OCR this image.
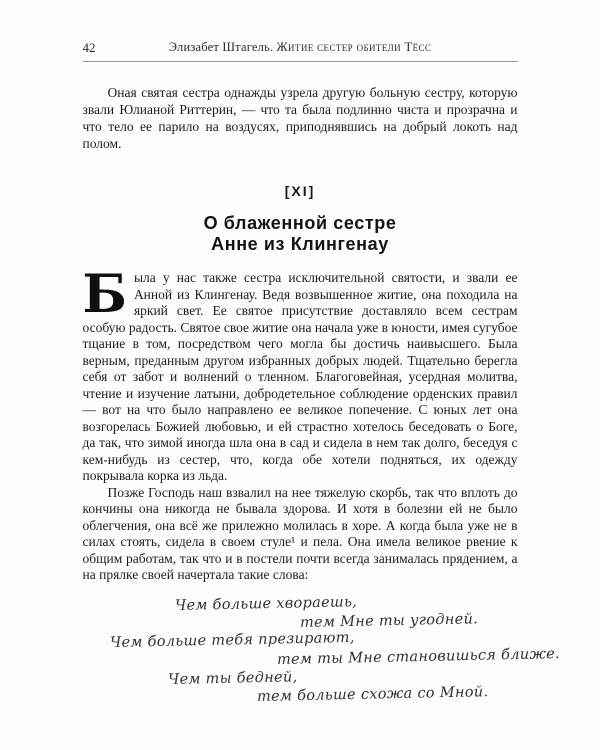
42	Элизабет Штагель. Житие сестер обители Тёсс

Оная святая сестра однажды узрела другую больную сестру, которую звали Юлианой Риттерин, — что та была подлинно чиста и прозрачна и что тело ее парило на воздусях, приподнявшись на добрый локоть над полом.

[XI]
О блаженной сестре
Анне из Клингенау
Б ыла у нас также сестра исключительной святости, и звали ее Анной из Клингенау. Ведя возвышенное житие, она походила на яркий свет. Ее святое присутствие доставляло всем сестрам особую радость. Святое свое житие она начала уже в юности, имея сугубое тщание в том, посредством чего могла бы достичь наивысшего. Была верным, преданным другом избранных добрых людей. Тщательно берегла себя от забот и волнений о тленном. Благоговейная, усердная молитва, чтение и изучение латыни, добродетельное соблюдение орденских правил — вот на что было направлено ее великое попечение. С юных лет она возгорелась Божией любовью, и ей страстно хотелось беседовать о Боге, да так, что зимой иногда шла она в сад и сидела в нем так долго, беседуя с кем-нибудь из сестер, что, когда обе хотели подняться, их одежду покрывала корка из льда.

Позже Господь наш взвалил на нее тяжелую скорбь, так что вплоть до кончины она никогда не бывала здорова. И хотя в болезни ей не было облегчения, она всё же прилежно молилась в хоре. А когда была уже не в силах стоять, сидела в своем стуле¹ и пела. Она имела великое рвение к общим работам, так что и в постели почти всегда занималась прядением, а на прялке своей начертала такие слова:

Чем больше хвораешь,
тем Мне ты угодней.
Чем больше тебя презирают,
тем ты Мне становишься ближе.
Чем ты бедней,
тем больше схожа со Мной.
